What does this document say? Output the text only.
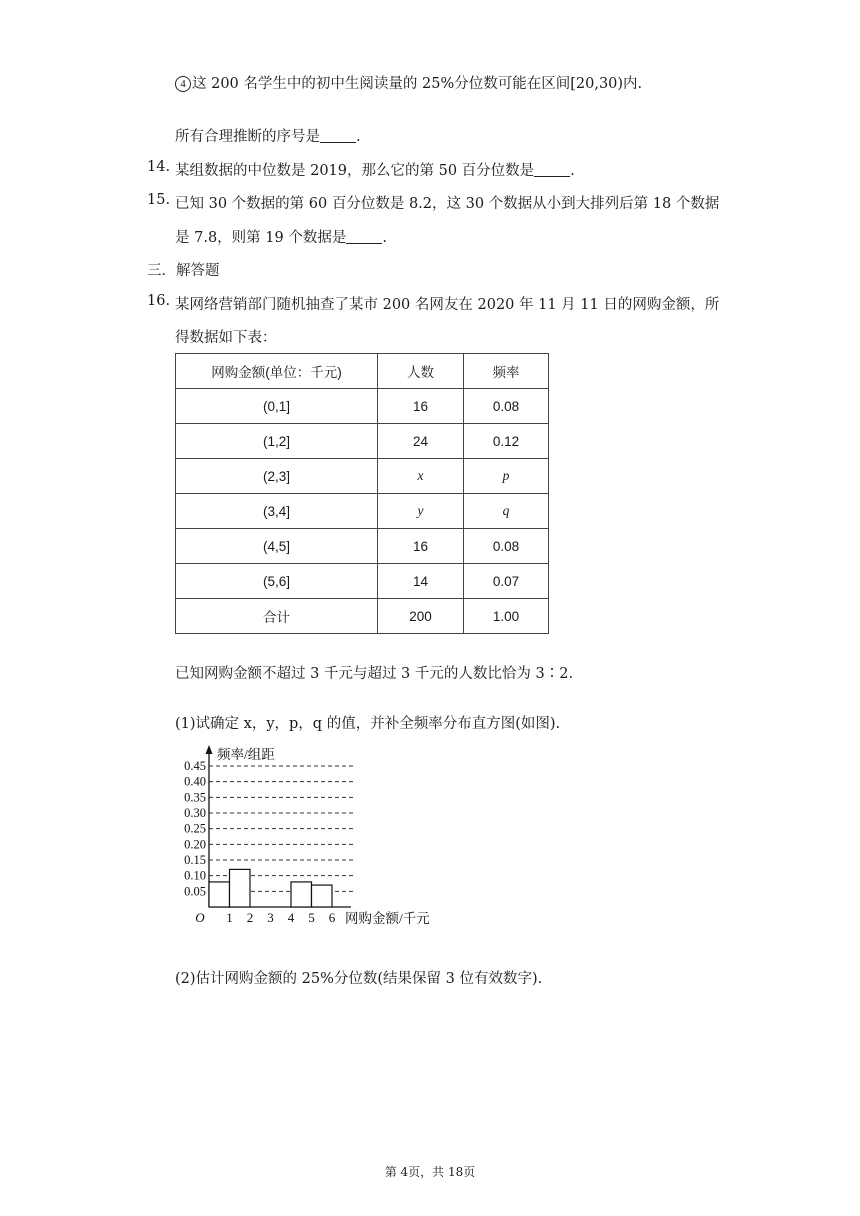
4 这 200 名学生中的初中生阅读量的 25%分位数可能在区间[20,30)内.
所有合理推断的序号是 .
14. 某组数据的中位数是 2019，那么它的第 50 百分位数是 .
15. 已知 30 个数据的第 60 百分位数是 8.2，这 30 个数据从小到大排列后第 18 个数据
是 7.8，则第 19 个数据是 .
三．解答题
16. 某网络营销部门随机抽查了某市 200 名网友在 2020 年 11 月 11 日的网购金额，所
得数据如下表：
网购金额(单位：千元)	人数	频率
(0,1]	16	0.08
(1,2]	24	0.12
(2,3]	x	p
(3,4]	y	q
(4,5]	16	0.08
(5,6]	14	0.07
合计	200	1.00
已知网购金额不超过 3 千元与超过 3 千元的人数比恰为 3∶2.
(1)试确定 x，y，p，q 的值，并补全频率分布直方图(如图).
0.05
0.10
0.15
0.20
0.25
0.30
0.35
0.40
0.45
频率/组距
O 1 2 3 4 5 6 网购金额/千元
(2)估计网购金额的 25%分位数(结果保留 3 位有效数字).
第 4页，共 18页
